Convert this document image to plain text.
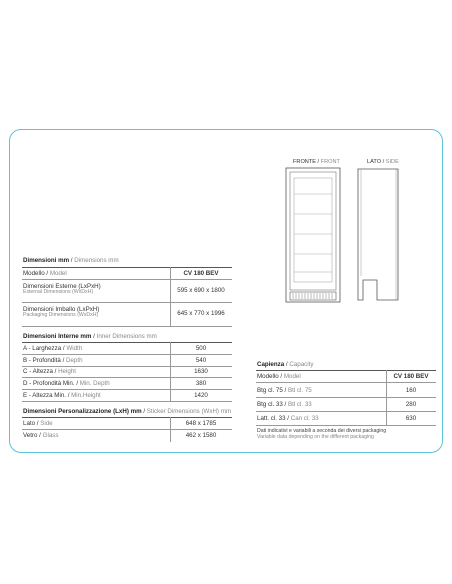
Dimensioni mm / Dimensions mm
Modello / Model	CV 180 BEV
Dimensioni Esterne (LxPxH)
External Dimensions (WxDxH)	595 x 690 x 1800
Dimensioni Imballo (LxPxH)
Packaging Dimensions (WxDxH)	645 x 770 x 1996
Dimensioni Interne mm / Inner Dimensions mm
A - Larghezza / Width	500
B - Profondità / Depth	540
C - Altezza / Height	1630
D - Profondità Min. / Min. Depth	380
E - Altezza Min. / Min.Height	1420
Dimensioni Personalizzazione (LxH) mm / Sticker Dimensions (WxH) mm
Lato / Side	648 x 1785
Vetro / Glass	462 x 1580
FRONTE / FRONT	LATO / SIDE
Capienza / Capacity
Modello / Model	CV 180 BEV
Btg cl. 75 / Btl cl. 75	160
Btg cl. 33 / Btl cl. 33	280
Latt. cl. 33 / Can cl. 33	630
Dati indicativi e variabili a seconda dei diversi packaging
Variable data depending on the different packaging
